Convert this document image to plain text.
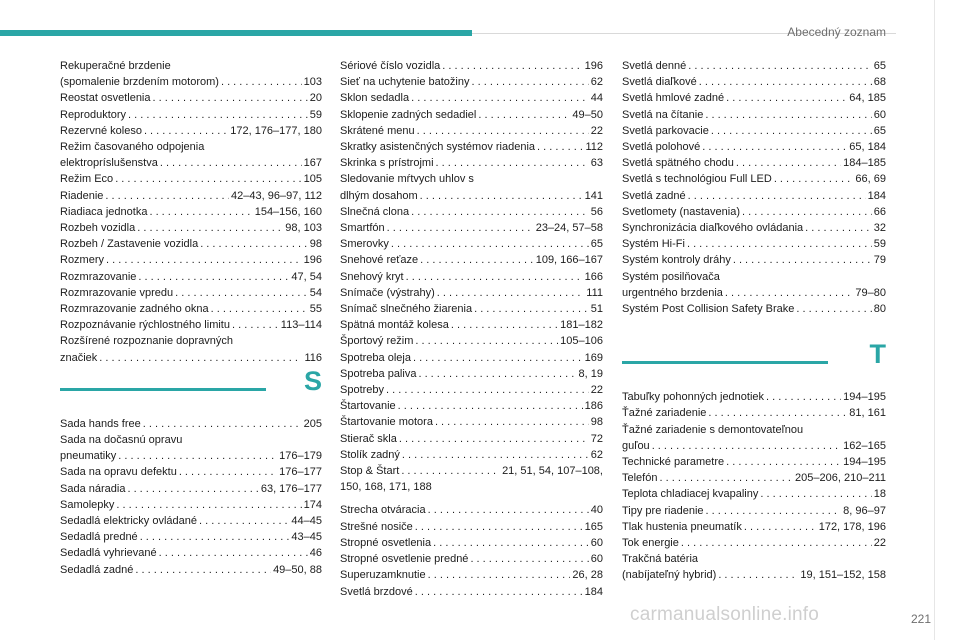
Abecedný zoznam
Rekuperačné brzdenie
(spomalenie brzdením motorom) . . .	103
Reostat osvetlenia . . .	20
Reproduktory . . .	59
Rezervné koleso . . .	172, 176–177, 180
Režim časovaného odpojenia
elektropríslušenstva . . .	167
Režim Eco . . .	105
Riadenie . . .	42–43, 96–97, 112
Riadiaca jednotka . . .	154–156, 160
Rozbeh vozidla . . .	98, 103
Rozbeh / Zastavenie vozidla . . .	98
Rozmery . . .	196
Rozmrazovanie . . .	47, 54
Rozmrazovanie vpredu . . .	54
Rozmrazovanie zadného okna . . .	55
Rozpoznávanie rýchlostného limitu . . .	113–114
Rozšírené rozpoznanie dopravných
značiek . . .	116
S
Sada hands free . . .	205
Sada na dočasnú opravu
pneumatiky . . .	176–179
Sada na opravu defektu . . .	176–177
Sada náradia . . .	63, 176–177
Samolepky . . .	174
Sedadlá elektricky ovládané . . .	44–45
Sedadlá predné . . .	43–45
Sedadlá vyhrievané . . .	46
Sedadlá zadné . . .	49–50, 88
Sériové číslo vozidla . . .	196
Sieť na uchytenie batožiny . . .	62
Sklon sedadla . . .	44
Sklopenie zadných sedadiel . . .	49–50
Skrátené menu . . .	22
Skratky asistenčných systémov riadenia . . .	112
Skrinka s prístrojmi . . .	63
Sledovanie mŕtvych uhlov s
dlhým dosahom . . .	141
Slnečná clona . . .	56
Smartfón . . .	23–24, 57–58
Smerovky . . .	65
Snehové reťaze . . .	109, 166–167
Snehový kryt . . .	166
Snímače (výstrahy) . . .	111
Snímač slnečného žiarenia . . .	51
Spätná montáž kolesa . . .	181–182
Športový režim . . .	105–106
Spotreba oleja . . .	169
Spotreba paliva . . .	8, 19
Spotreby . . .	22
Štartovanie . . .	186
Štartovanie motora . . .	98
Stierač skla . . .	72
Stolík zadný . . .	62
Stop & Štart . . .	21, 51, 54, 107–108,
150, 168, 171, 188
Strecha otváracia . . .	40
Strešné nosiče . . .	165
Stropné osvetlenia . . .	60
Stropné osvetlenie predné . . .	60
Superuzamknutie . . .	26, 28
Svetlá brzdové . . .	184
Svetlá denné . . .	65
Svetlá diaľkové . . .	68
Svetlá hmlové zadné . . .	64, 185
Svetlá na čítanie . . .	60
Svetlá parkovacie . . .	65
Svetlá polohové . . .	65, 184
Svetlá spätného chodu . . .	184–185
Svetlá s technológiou Full LED . . .	66, 69
Svetlá zadné . . .	184
Svetlomety (nastavenia) . . .	66
Synchronizácia diaľkového ovládania . . .	32
Systém Hi-Fi . . .	59
Systém kontroly dráhy . . .	79
Systém posilňovača
urgentného brzdenia . . .	79–80
Systém Post Collision Safety Brake . . .	80
T
Tabuľky pohonných jednotiek . . .	194–195
Ťažné zariadenie . . .	81, 161
Ťažné zariadenie s demontovateľnou
guľou . . .	162–165
Technické parametre . . .	194–195
Telefón . . .	205–206, 210–211
Teplota chladiacej kvapaliny . . .	18
Tipy pre riadenie . . .	8, 96–97
Tlak hustenia pneumatík . . .	172, 178, 196
Tok energie . . .	22
Trakčná batéria
(nabíjateľný hybrid) . . .	19, 151–152, 158
221
carmanualsonline.info
